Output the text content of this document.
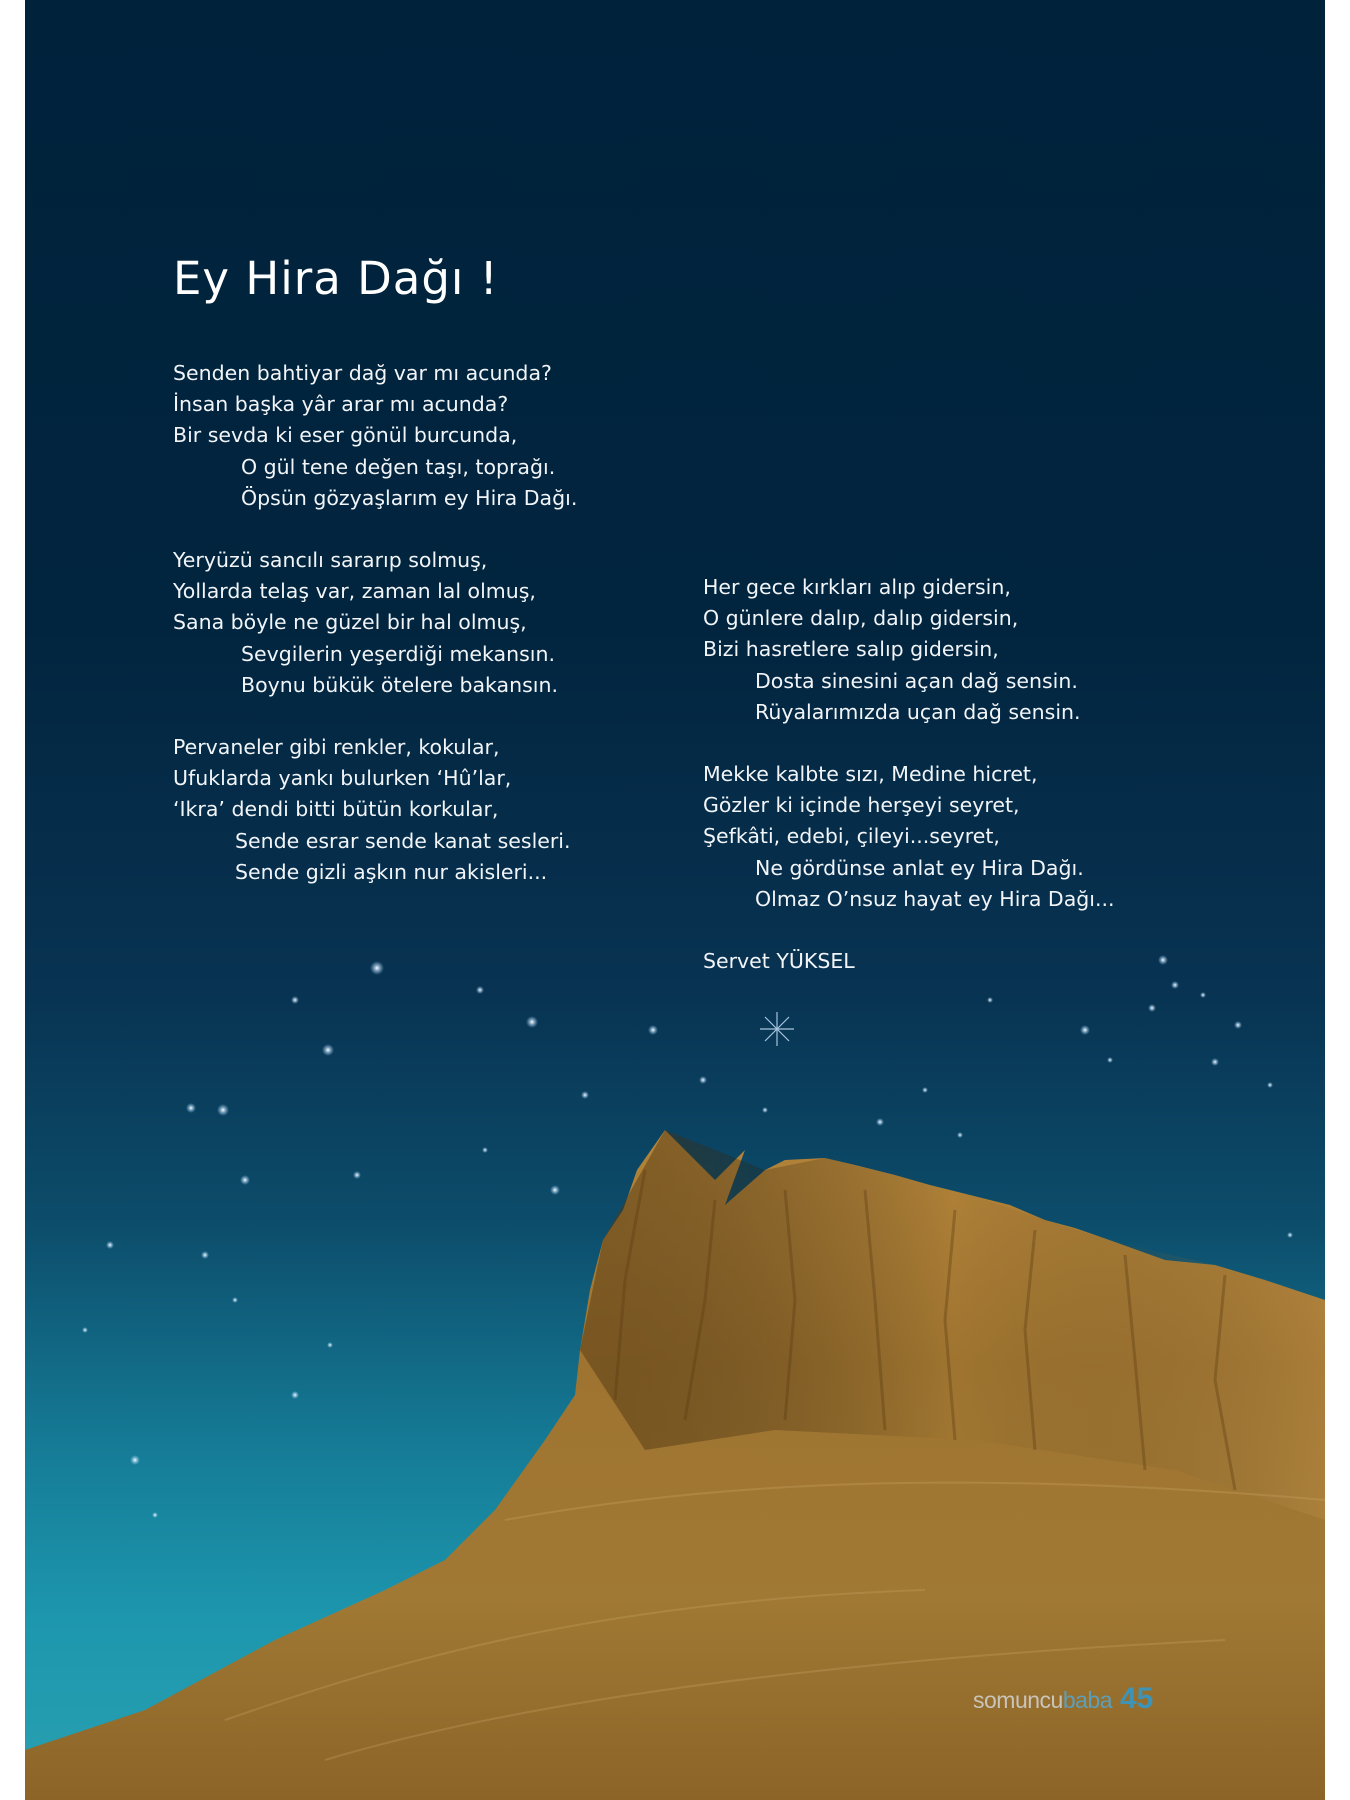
Ey Hira Dağı !
Senden bahtiyar dağ var mı acunda?
İnsan başka yâr arar mı acunda?
Bir sevda ki eser gönül burcunda,
O gül tene değen taşı, toprağı.
Öpsün gözyaşlarım ey Hira Dağı.
Yeryüzü sancılı sararıp solmuş,
Yollarda telaş var, zaman lal olmuş,
Sana böyle ne güzel bir hal olmuş,
Sevgilerin yeşerdiği mekansın.
Boynu bükük ötelere bakansın.
Pervaneler gibi renkler, kokular,
Ufuklarda yankı bulurken ‘Hû’lar,
‘Ikra’ dendi bitti bütün korkular,
Sende esrar sende kanat sesleri.
Sende gizli aşkın nur akisleri...
Her gece kırkları alıp gidersin,
O günlere dalıp, dalıp gidersin,
Bizi hasretlere salıp gidersin,
Dosta sinesini açan dağ sensin.
Rüyalarımızda uçan dağ sensin.
Mekke kalbte sızı, Medine hicret,
Gözler ki içinde herşeyi seyret,
Şefkâti, edebi, çileyi...seyret,
Ne gördünse anlat ey Hira Dağı.
Olmaz O’nsuz hayat ey Hira Dağı...
Servet YÜKSEL
somuncubaba 45
